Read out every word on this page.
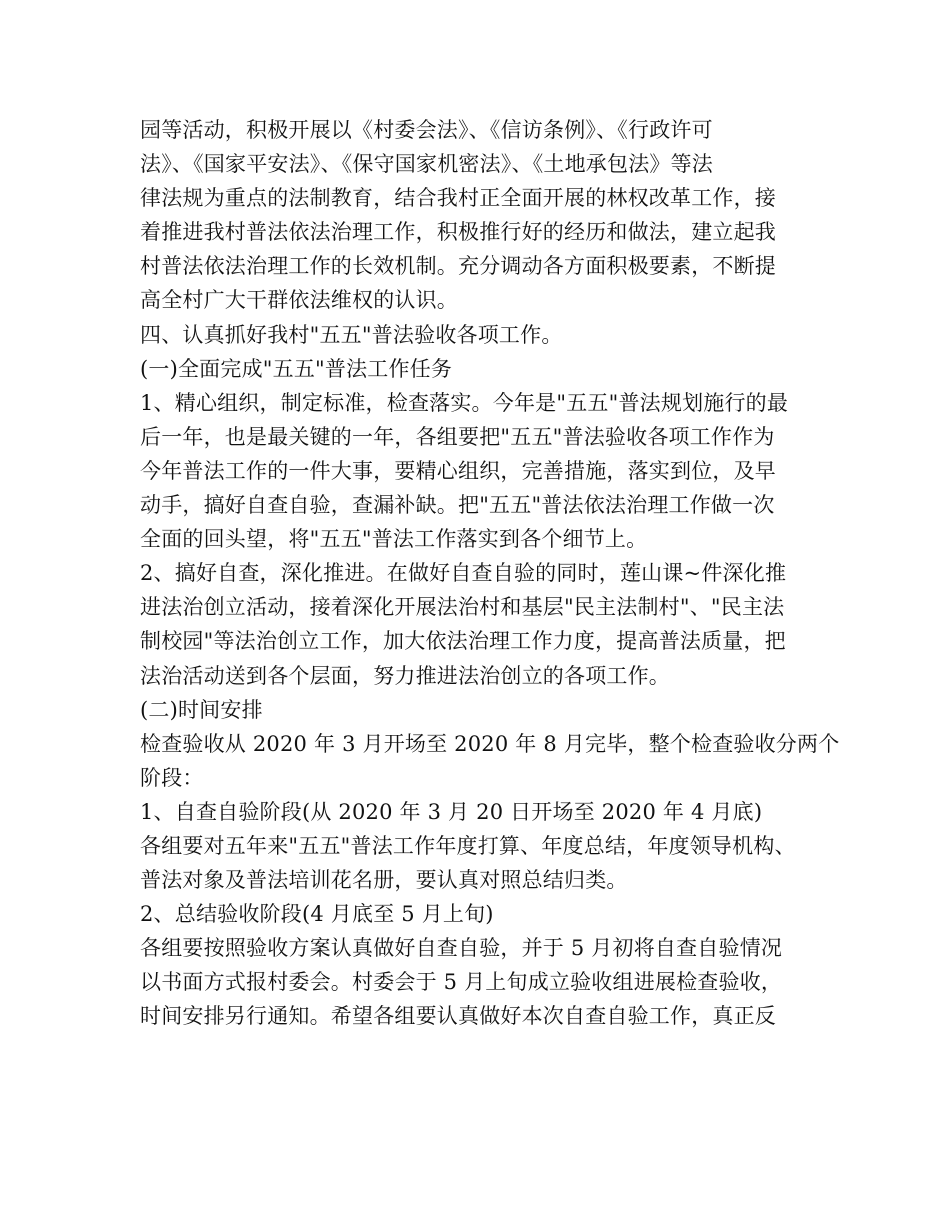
园等活动，积极开展以《村委会法》、《信访条例》、《行政许可
法》、《国家平安法》、《保守国家机密法》、《土地承包法》等法
律法规为重点的法制教育，结合我村正全面开展的林权改革工作，接
着推进我村普法依法治理工作，积极推行好的经历和做法，建立起我
村普法依法治理工作的长效机制。充分调动各方面积极要素，不断提
高全村广大干群依法维权的认识。
四、认真抓好我村"五五"普法验收各项工作。
(一)全面完成"五五"普法工作任务
1、精心组织，制定标准，检查落实。今年是"五五"普法规划施行的最
后一年，也是最关键的一年，各组要把"五五"普法验收各项工作作为
今年普法工作的一件大事，要精心组织，完善措施，落实到位，及早
动手，搞好自查自验，查漏补缺。把"五五"普法依法治理工作做一次
全面的回头望，将"五五"普法工作落实到各个细节上。
2、搞好自查，深化推进。在做好自查自验的同时，莲山课~件深化推
进法治创立活动，接着深化开展法治村和基层"民主法制村"、"民主法
制校园"等法治创立工作，加大依法治理工作力度，提高普法质量，把
法治活动送到各个层面，努力推进法治创立的各项工作。
(二)时间安排
检查验收从 2020 年 3 月开场至 2020 年 8 月完毕，整个检查验收分两个
阶段：
1、自查自验阶段(从 2020 年 3 月 20 日开场至 2020 年 4 月底)
各组要对五年来"五五"普法工作年度打算、年度总结，年度领导机构、
普法对象及普法培训花名册，要认真对照总结归类。
2、总结验收阶段(4 月底至 5 月上旬)
各组要按照验收方案认真做好自查自验，并于 5 月初将自查自验情况
以书面方式报村委会。村委会于 5 月上旬成立验收组进展检查验收，
时间安排另行通知。希望各组要认真做好本次自查自验工作，真正反
